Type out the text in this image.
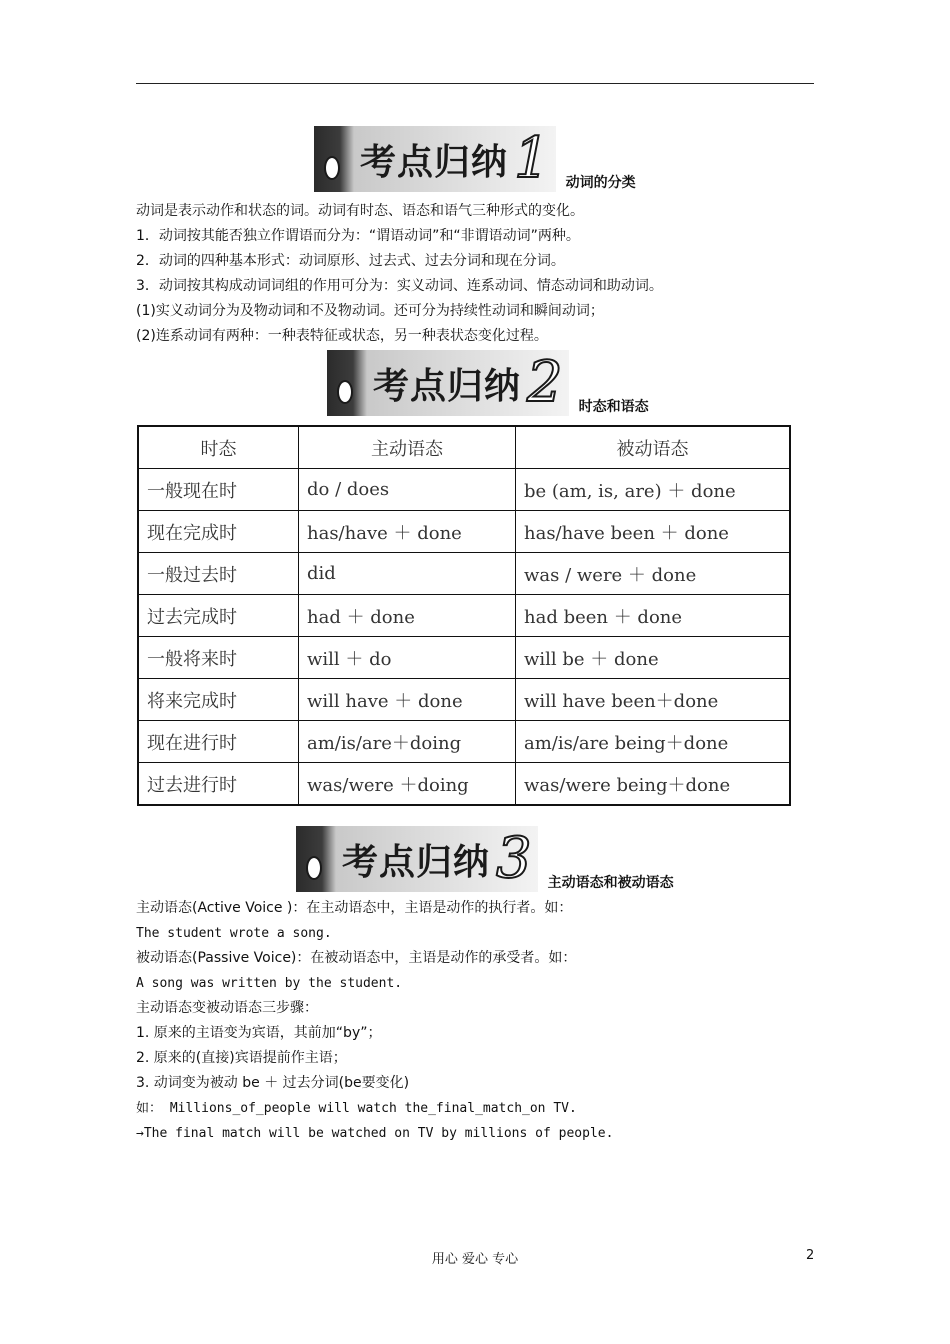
考点归纳 1 动词的分类
动词是表示动作和状态的词。动词有时态、语态和语气三种形式的变化。
1．动词按其能否独立作谓语而分为：“谓语动词”和“非谓语动词”两种。
2．动词的四种基本形式：动词原形、过去式、过去分词和现在分词。
3．动词按其构成动词词组的作用可分为：实义动词、连系动词、情态动词和助动词。
(1)实义动词分为及物动词和不及物动词。还可分为持续性动词和瞬间动词；
(2)连系动词有两种：一种表特征或状态，另一种表状态变化过程。
考点归纳 2 时态和语态
时态	主动语态	被动语态
一般现在时	do / does	be (am, is, are) ＋ done
现在完成时	has/have ＋ done	has/have been ＋ done
一般过去时	did	was / were ＋ done
过去完成时	had ＋ done	had been ＋ done
一般将来时	will ＋ do	will be ＋ done
将来完成时	will have ＋ done	will have been＋done
现在进行时	am/is/are＋doing	am/is/are being＋done
过去进行时	was/were ＋doing	was/were being＋done
考点归纳 3 主动语态和被动语态
主动语态(Active Voice )：在主动语态中，主语是动作的执行者。如：
The student wrote a song.
被动语态(Passive Voice)：在被动语态中，主语是动作的承受者。如：
A song was written by the student.
主动语态变被动语态三步骤：
1. 原来的主语变为宾语，其前加“by”；
2. 原来的(直接)宾语提前作主语；
3. 动词变为被动 be ＋ 过去分词(be要变化)
如： Millions_of_people will watch the_final_match_on TV.
→The final match will be watched on TV by millions of people.
用心 爱心 专心	2
